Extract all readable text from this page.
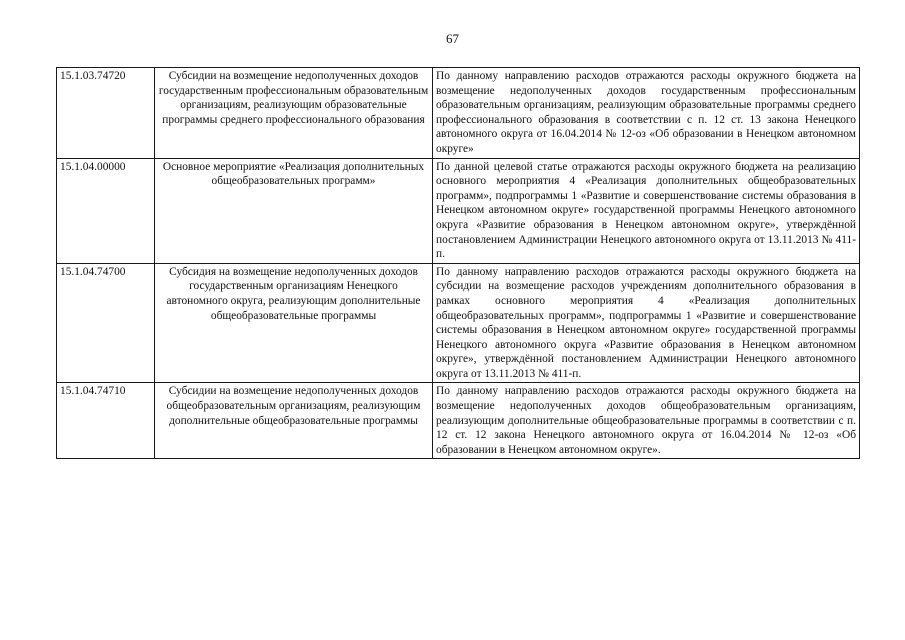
67
15.1.03.74720	Субсидии на возмещение недополученных доходов государственным профессиональным образовательным организациям, реализующим образовательные программы среднего профессионального образования	По данному направлению расходов отражаются расходы окружного бюджета на возмещение недополученных доходов государственным профессиональным образовательным организациям, реализующим образовательные программы среднего профессионального образования в соответствии с п. 12 ст. 13 закона Ненецкого автономного округа от 16.04.2014 № 12-оз «Об образовании в Ненецком автономном округе»
15.1.04.00000	Основное мероприятие «Реализация дополнительных общеобразовательных программ»	По данной целевой статье отражаются расходы окружного бюджета на реализацию основного мероприятия 4 «Реализация дополнительных общеобразовательных программ», подпрограммы 1 «Развитие и совершенствование системы образования в Ненецком автономном округе» государственной программы Ненецкого автономного округа «Развитие образования в Ненецком автономном округе», утверждённой постановлением Администрации Ненецкого автономного округа от 13.11.2013 № 411-п.
15.1.04.74700	Субсидия на возмещение недополученных доходов государственным организациям Ненецкого автономного округа, реализующим дополнительные общеобразовательные программы	По данному направлению расходов отражаются расходы окружного бюджета на субсидии на возмещение расходов учреждениям дополнительного образования в рамках основного мероприятия 4 «Реализация дополнительных общеобразовательных программ», подпрограммы 1 «Развитие и совершенствование системы образования в Ненецком автономном округе» государственной программы Ненецкого автономного округа «Развитие образования в Ненецком автономном округе», утверждённой постановлением Администрации Ненецкого автономного округа от 13.11.2013 № 411-п.
15.1.04.74710	Субсидии на возмещение недополученных доходов общеобразовательным организациям, реализующим дополнительные общеобразовательные программы	По данному направлению расходов отражаются расходы окружного бюджета на возмещение недополученных доходов общеобразовательным организациям, реализующим дополнительные общеобразовательные программы в соответствии с п. 12 ст. 12 закона Ненецкого автономного округа от 16.04.2014 № 12-оз «Об образовании в Ненецком автономном округе».
